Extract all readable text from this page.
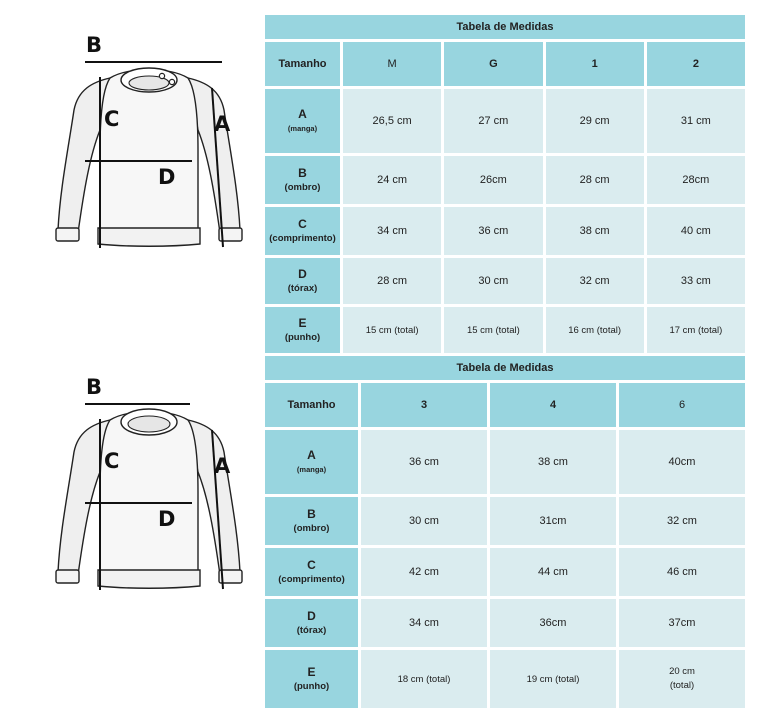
B
C	A
D
B
C	A
D
Tabela de Medidas				
Tamanho	M	G	1	2

A
(manga)	26,5 cm	27 cm	29 cm	31 cm

B
(ombro)	24 cm	26cm	28 cm	28cm

C
(comprimento)	34 cm	36 cm	38 cm	40 cm

D
(tórax)	28 cm	30 cm	32 cm	33 cm

E
(punho)	15 cm (total)	15 cm (total)	16 cm (total)	17 cm (total)
Tabela de Medidas			
Tamanho	3	4	6

A
(manga)	36 cm	38 cm	40cm

B
(ombro)	30 cm	31cm	32 cm

C
(comprimento)	42 cm	44 cm	46 cm

D
(tórax)	34 cm	36cm	37cm

E
(punho)	18 cm (total)	19 cm (total)	20 cm
(total)
